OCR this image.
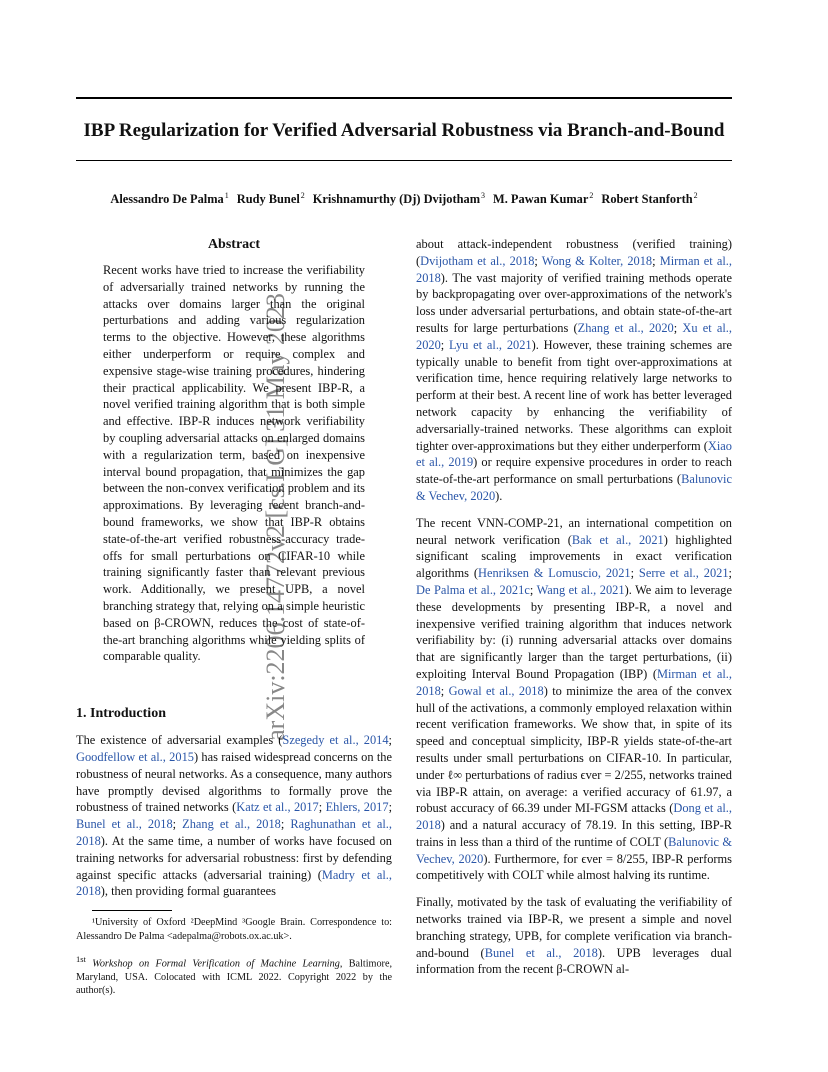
arXiv:2206.14772v2 [cs.LG] 31 May 2023
IBP Regularization for Verified Adversarial Robustness via Branch-and-Bound
Alessandro De Palma$^1$ Rudy Bunel$^2$ Krishnamurthy (Dj) Dvijotham$^3$ M. Pawan Kumar$^2$ Robert Stanforth$^2$
Abstract

Recent works have tried to increase the verifiability of adversarially trained networks by running the attacks over domains larger than the original perturbations and adding various regularization terms to the objective. However, these algorithms either underperform or require complex and expensive stage-wise training procedures, hindering their practical applicability. We present IBP-R, a novel verified training algorithm that is both simple and effective. IBP-R induces network verifiability by coupling adversarial attacks on enlarged domains with a regularization term, based on inexpensive interval bound propagation, that minimizes the gap between the non-convex verification problem and its approximations. By leveraging recent branch-and-bound frameworks, we show that IBP-R obtains state-of-the-art verified robustness-accuracy trade-offs for small perturbations on CIFAR-10 while training significantly faster than relevant previous work. Additionally, we present UPB, a novel branching strategy that, relying on a simple heuristic based on β-CROWN, reduces the cost of state-of-the-art branching algorithms while yielding splits of comparable quality.

1. Introduction

The existence of adversarial examples (Szegedy et al., 2014; Goodfellow et al., 2015) has raised widespread concerns on the robustness of neural networks. As a consequence, many authors have promptly devised algorithms to formally prove the robustness of trained networks (Katz et al., 2017; Ehlers, 2017; Bunel et al., 2018; Zhang et al., 2018; Raghunathan et al., 2018). At the same time, a number of works have focused on training networks for adversarial robustness: first by defending against specific attacks (adversarial training) (Madry et al., 2018), then providing formal guarantees

¹University of Oxford ²DeepMind ³Google Brain. Correspondence to: Alessandro De Palma <adepalma@robots.ox.ac.uk>.

$^{1st}$ Workshop on Formal Verification of Machine Learning, Baltimore, Maryland, USA. Colocated with ICML 2022. Copyright 2022 by the author(s).

about attack-independent robustness (verified training) (Dvijotham et al., 2018; Wong & Kolter, 2018; Mirman et al., 2018). The vast majority of verified training methods operate by backpropagating over over-approximations of the network's loss under adversarial perturbations, and obtain state-of-the-art results for large perturbations (Zhang et al., 2020; Xu et al., 2020; Lyu et al., 2021). However, these training schemes are typically unable to benefit from tight over-approximations at verification time, hence requiring relatively large networks to perform at their best. A recent line of work has better leveraged network capacity by enhancing the verifiability of adversarially-trained networks. These algorithms can exploit tighter over-approximations but they either underperform (Xiao et al., 2019) or require expensive procedures in order to reach state-of-the-art performance on small perturbations (Balunovic & Vechev, 2020).

The recent VNN-COMP-21, an international competition on neural network verification (Bak et al., 2021) highlighted significant scaling improvements in exact verification algorithms (Henriksen & Lomuscio, 2021; Serre et al., 2021; De Palma et al., 2021c; Wang et al., 2021). We aim to leverage these developments by presenting IBP-R, a novel and inexpensive verified training algorithm that induces network verifiability by: (i) running adversarial attacks over domains that are significantly larger than the target perturbations, (ii) exploiting Interval Bound Propagation (IBP) (Mirman et al., 2018; Gowal et al., 2018) to minimize the area of the convex hull of the activations, a commonly employed relaxation within recent verification frameworks. We show that, in spite of its speed and conceptual simplicity, IBP-R yields state-of-the-art results under small perturbations on CIFAR-10. In particular, under ℓ∞ perturbations of radius ϵver = 2/255, networks trained via IBP-R attain, on average: a verified accuracy of 61.97, a robust accuracy of 66.39 under MI-FGSM attacks (Dong et al., 2018) and a natural accuracy of 78.19. In this setting, IBP-R trains in less than a third of the runtime of COLT (Balunovic & Vechev, 2020). Furthermore, for ϵver = 8/255, IBP-R performs competitively with COLT while almost halving its runtime.

Finally, motivated by the task of evaluating the verifiability of networks trained via IBP-R, we present a simple and novel branching strategy, UPB, for complete verification via branch-and-bound (Bunel et al., 2018). UPB leverages dual information from the recent β-CROWN al-
